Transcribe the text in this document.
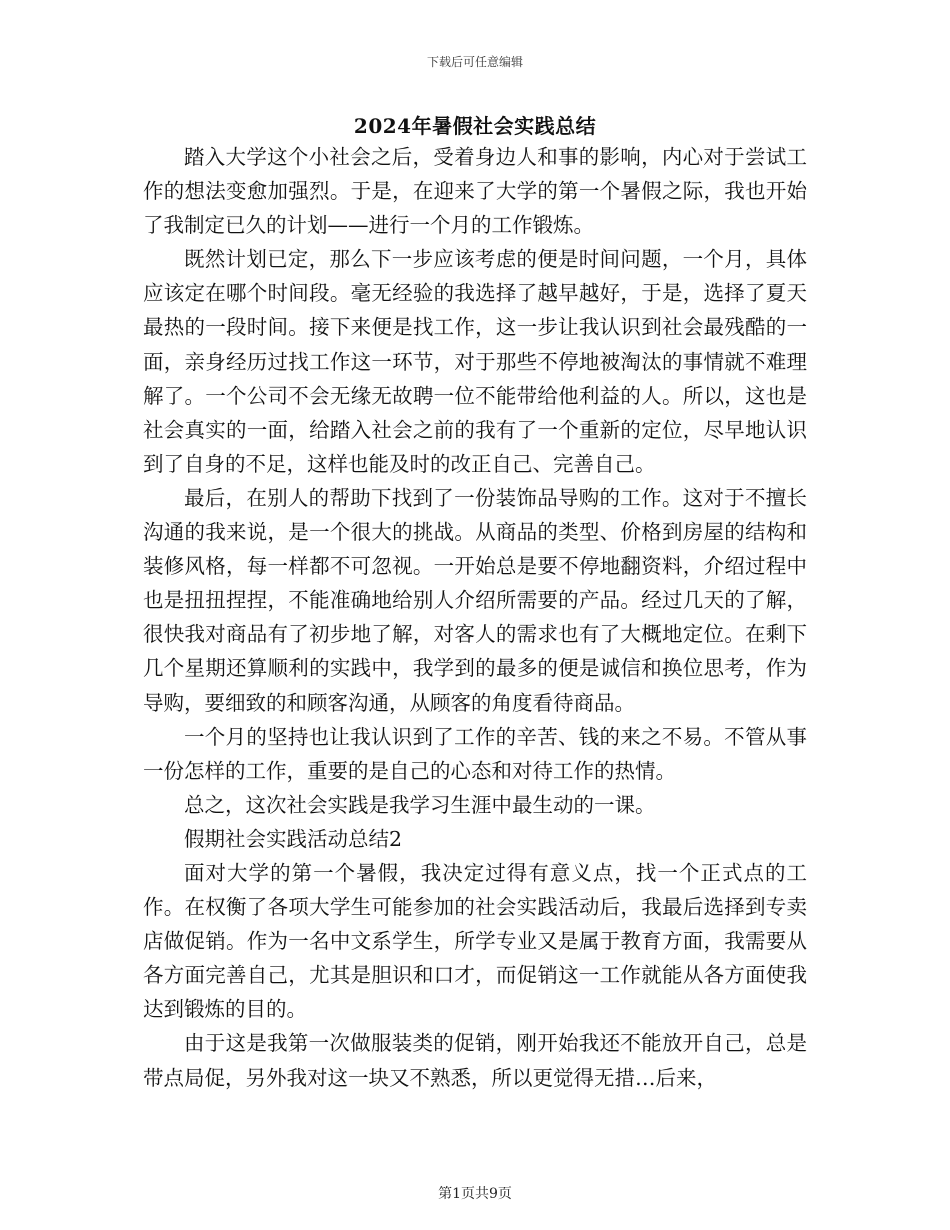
下载后可任意编辑
2024年暑假社会实践总结

踏入大学这个小社会之后，受着身边人和事的影响，内心对于尝试工作的想法变愈加强烈。于是，在迎来了大学的第一个暑假之际，我也开始了我制定已久的计划——进行一个月的工作锻炼。

既然计划已定，那么下一步应该考虑的便是时间问题，一个月，具体应该定在哪个时间段。毫无经验的我选择了越早越好，于是，选择了夏天最热的一段时间。接下来便是找工作，这一步让我认识到社会最残酷的一面，亲身经历过找工作这一环节，对于那些不停地被淘汰的事情就不难理解了。一个公司不会无缘无故聘一位不能带给他利益的人。所以，这也是社会真实的一面，给踏入社会之前的我有了一个重新的定位，尽早地认识到了自身的不足，这样也能及时的改正自己、完善自己。

最后，在别人的帮助下找到了一份装饰品导购的工作。这对于不擅长沟通的我来说，是一个很大的挑战。从商品的类型、价格到房屋的结构和装修风格，每一样都不可忽视。一开始总是要不停地翻资料，介绍过程中也是扭扭捏捏，不能准确地给别人介绍所需要的产品。经过几天的了解，很快我对商品有了初步地了解，对客人的需求也有了大概地定位。在剩下几个星期还算顺利的实践中，我学到的最多的便是诚信和换位思考，作为导购，要细致的和顾客沟通，从顾客的角度看待商品。

一个月的坚持也让我认识到了工作的辛苦、钱的来之不易。不管从事一份怎样的工作，重要的是自己的心态和对待工作的热情。

总之，这次社会实践是我学习生涯中最生动的一课。

假期社会实践活动总结2

面对大学的第一个暑假，我决定过得有意义点，找一个正式点的工作。在权衡了各项大学生可能参加的社会实践活动后，我最后选择到专卖店做促销。作为一名中文系学生，所学专业又是属于教育方面，我需要从各方面完善自己，尤其是胆识和口才，而促销这一工作就能从各方面使我达到锻炼的目的。

由于这是我第一次做服装类的促销，刚开始我还不能放开自己，总是带点局促，另外我对这一块又不熟悉，所以更觉得无措…后来，

第1页共9页
